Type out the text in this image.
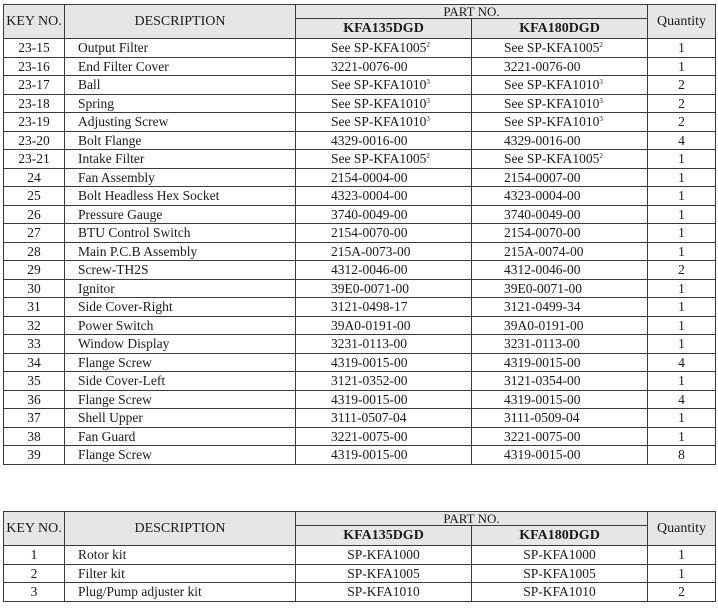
KEY NO.	DESCRIPTION	PART NO.		Quantity
		KFA135DGD	KFA180DGD	
23-15	Output Filter	See SP-KFA1005$^2$	See SP-KFA1005$^2$	1
23-16	End Filter Cover	3221-0076-00	3221-0076-00	1
23-17	Ball	See SP-KFA1010$^3$	See SP-KFA1010$^3$	2
23-18	Spring	See SP-KFA1010$^3$	See SP-KFA1010$^3$	2
23-19	Adjusting Screw	See SP-KFA1010$^3$	See SP-KFA1010$^3$	2
23-20	Bolt Flange	4329-0016-00	4329-0016-00	4
23-21	Intake Filter	See SP-KFA1005$^2$	See SP-KFA1005$^2$	1
24	Fan Assembly	2154-0004-00	2154-0007-00	1
25	Bolt Headless Hex Socket	4323-0004-00	4323-0004-00	1
26	Pressure Gauge	3740-0049-00	3740-0049-00	1
27	BTU Control Switch	2154-0070-00	2154-0070-00	1
28	Main P.C.B Assembly	215A-0073-00	215A-0074-00	1
29	Screw-TH2S	4312-0046-00	4312-0046-00	2
30	Ignitor	39E0-0071-00	39E0-0071-00	1
31	Side Cover-Right	3121-0498-17	3121-0499-34	1
32	Power Switch	39A0-0191-00	39A0-0191-00	1
33	Window Display	3231-0113-00	3231-0113-00	1
34	Flange Screw	4319-0015-00	4319-0015-00	4
35	Side Cover-Left	3121-0352-00	3121-0354-00	1
36	Flange Screw	4319-0015-00	4319-0015-00	4
37	Shell Upper	3111-0507-04	3111-0509-04	1
38	Fan Guard	3221-0075-00	3221-0075-00	1
39	Flange Screw	4319-0015-00	4319-0015-00	8
KEY NO.	DESCRIPTION	PART NO.		Quantity
		KFA135DGD	KFA180DGD	
1	Rotor kit	SP-KFA1000	SP-KFA1000	1
2	Filter kit	SP-KFA1005	SP-KFA1005	1
3	Plug/Pump adjuster kit	SP-KFA1010	SP-KFA1010	2
